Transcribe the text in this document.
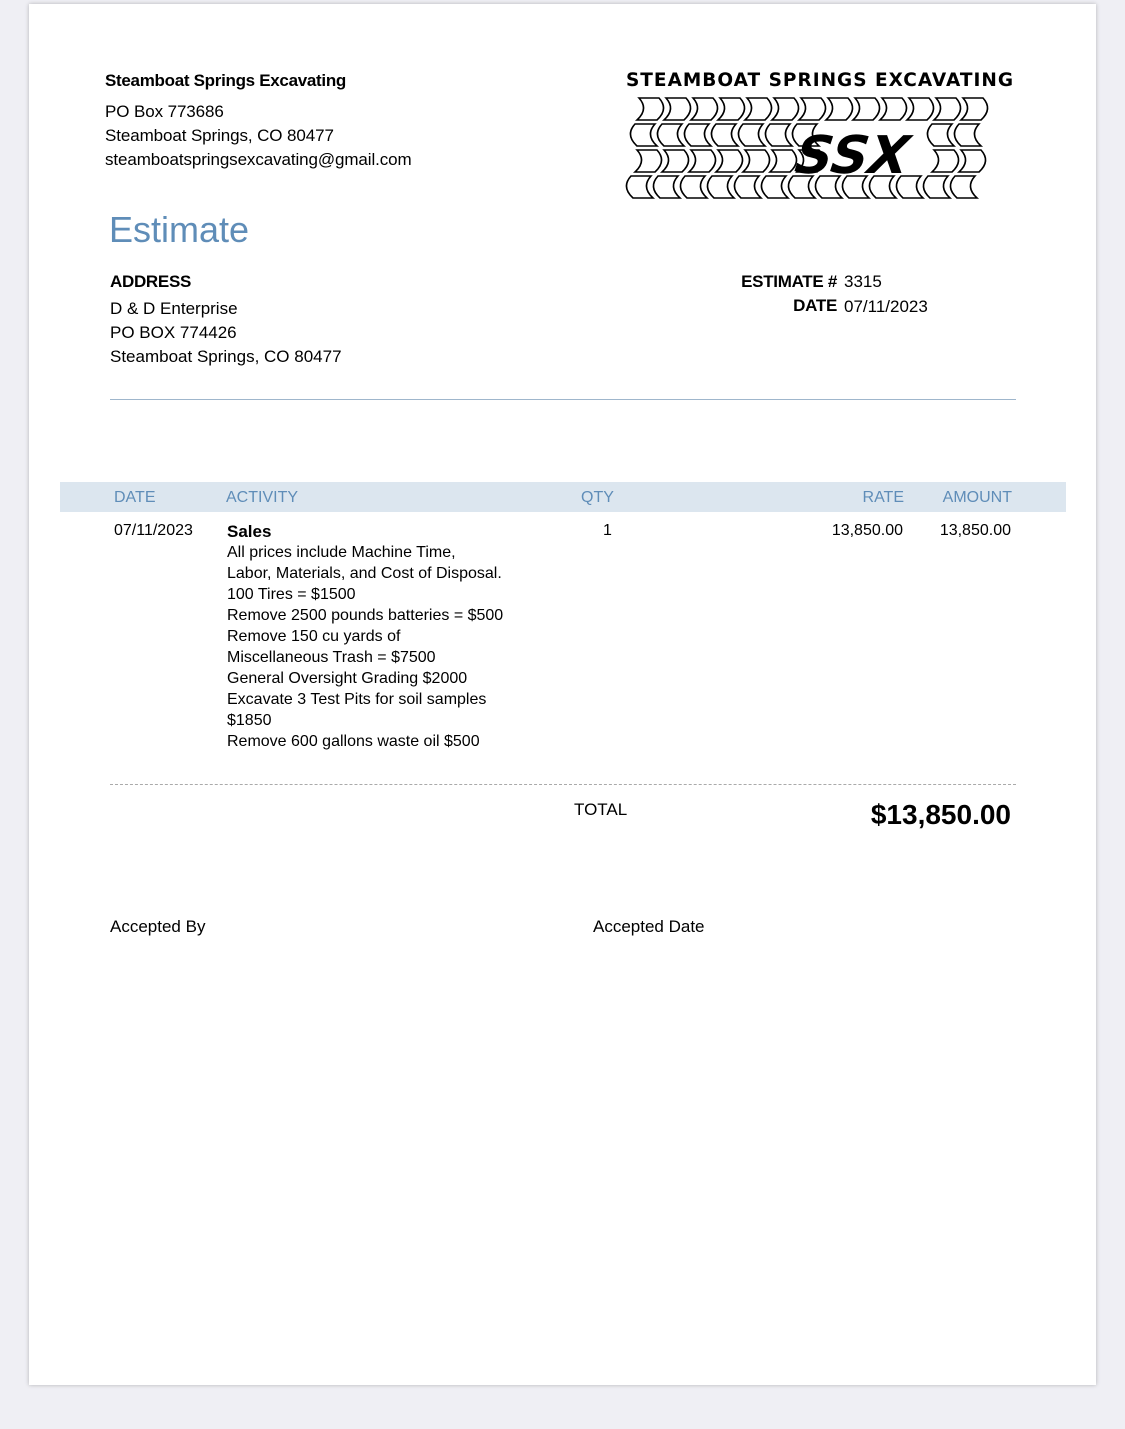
Steamboat Springs Excavating
PO Box 773686
Steamboat Springs, CO 80477
steamboatspringsexcavating@gmail.com
STEAMBOAT SPRINGS EXCAVATING
SSX
Estimate
ADDRESS
D & D Enterprise
PO BOX 774426
Steamboat Springs, CO 80477
ESTIMATE # 3315
DATE 07/11/2023
DATE	ACTIVITY	QTY	RATE AMOUNT
07/11/2023 Sales
All prices include Machine Time,
Labor, Materials, and Cost of Disposal.
100 Tires = $1500
Remove 2500 pounds batteries = $500
Remove 150 cu yards of
Miscellaneous Trash = $7500
General Oversight Grading $2000
Excavate 3 Test Pits for soil samples
$1850
Remove 600 gallons waste oil $500
1	13,850.00 13,850.00
TOTAL	$13,850.00
Accepted By	Accepted Date
